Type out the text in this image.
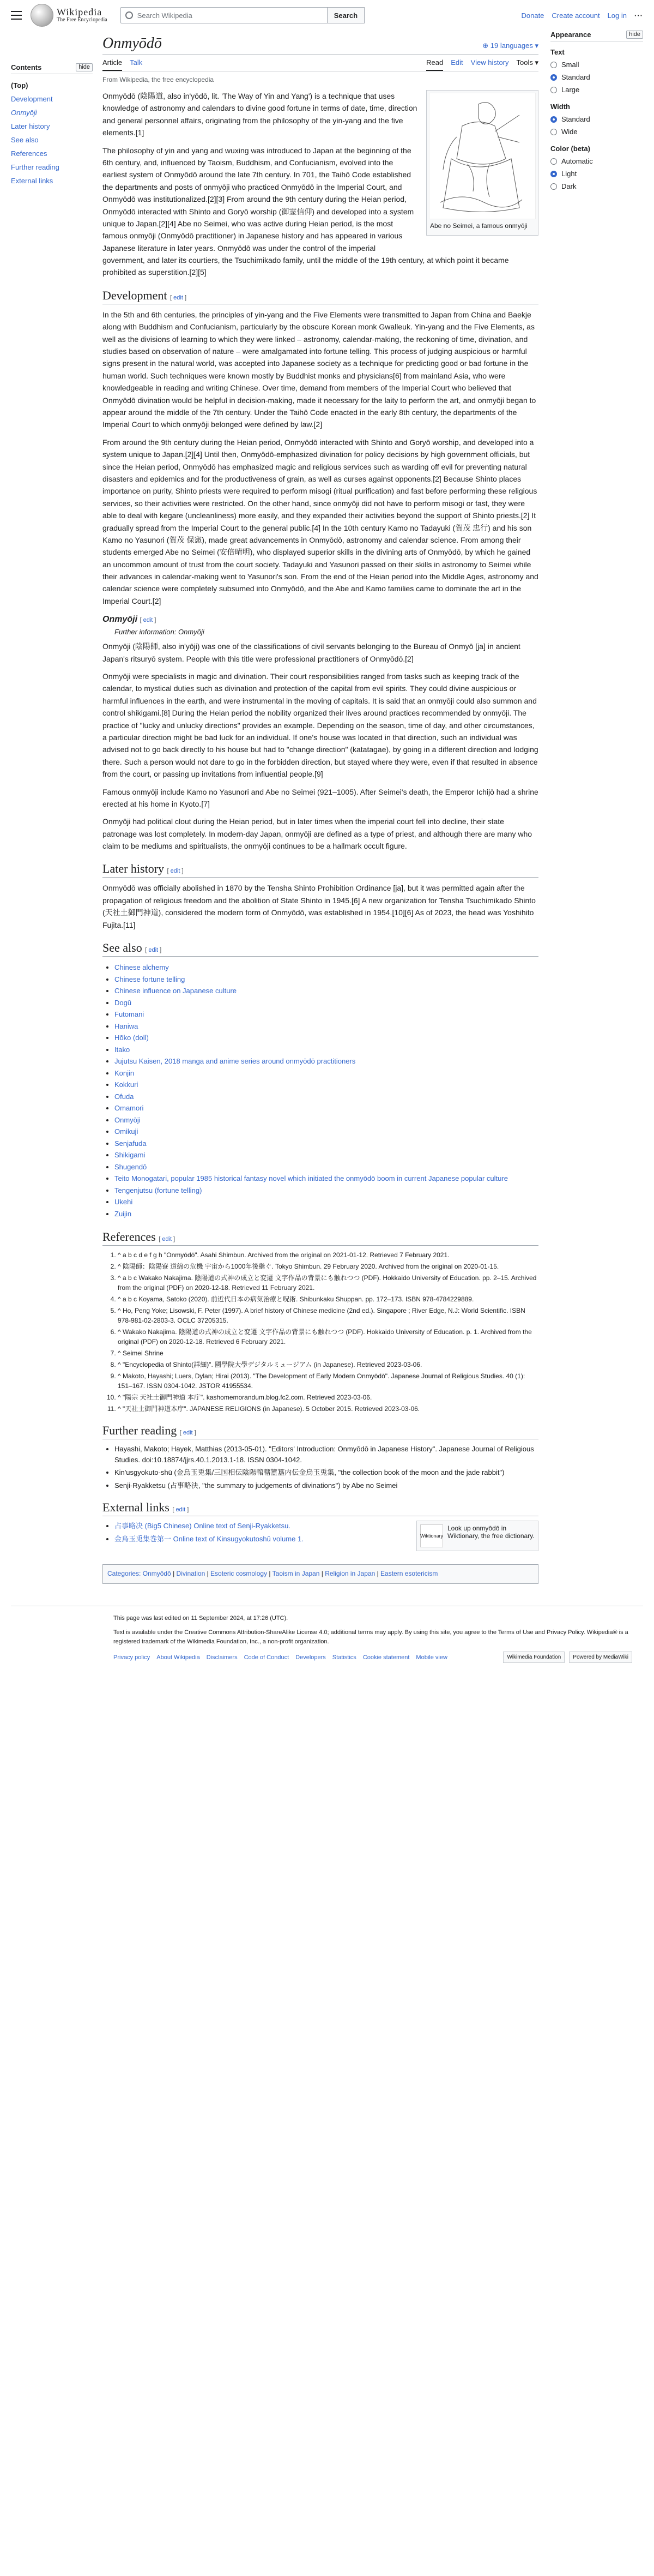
Wikipedia
The Free Encyclopedia
Search Wikipedia	Search	Donate Create account Log in ···
Contents	hide
(Top)
Development
Onmyōji
Later history
See also
References
Further reading
External links
Onmyōdō	⊕ 19 languages ▾
Article Talk	Read Edit View history Tools ▾
From Wikipedia, the free encyclopedia
Abe no Seimei, a famous onmyōji

Onmyōdō (陰陽道, also in'yōdō, lit. 'The Way of Yin and Yang') is a technique that uses knowledge of astronomy and calendars to divine good fortune in terms of date, time, direction and general personnel affairs, originating from the philosophy of the yin-yang and the five elements.[1]

The philosophy of yin and yang and wuxing was introduced to Japan at the beginning of the 6th century, and, influenced by Taoism, Buddhism, and Confucianism, evolved into the earliest system of Onmyōdō around the late 7th century. In 701, the Taihō Code established the departments and posts of onmyōji who practiced Onmyōdō in the Imperial Court, and Onmyōdō was institutionalized.[2][3] From around the 9th century during the Heian period, Onmyōdō interacted with Shinto and Goryō worship (御霊信仰) and developed into a system unique to Japan.[2][4] Abe no Seimei, who was active during Heian period, is the most famous onmyōji (Onmyōdō practitioner) in Japanese history and has appeared in various Japanese literature in later years. Onmyōdō was under the control of the imperial government, and later its courtiers, the Tsuchimikado family, until the middle of the 19th century, at which point it became prohibited as superstition.[2][5]

Development [ edit ]

In the 5th and 6th centuries, the principles of yin-yang and the Five Elements were transmitted to Japan from China and Baekje along with Buddhism and Confucianism, particularly by the obscure Korean monk Gwalleuk. Yin-yang and the Five Elements, as well as the divisions of learning to which they were linked – astronomy, calendar-making, the reckoning of time, divination, and studies based on observation of nature – were amalgamated into fortune telling. This process of judging auspicious or harmful signs present in the natural world, was accepted into Japanese society as a technique for predicting good or bad fortune in the human world. Such techniques were known mostly by Buddhist monks and physicians[6] from mainland Asia, who were knowledgeable in reading and writing Chinese. Over time, demand from members of the Imperial Court who believed that Onmyōdō divination would be helpful in decision-making, made it necessary for the laity to perform the art, and onmyōji began to appear around the middle of the 7th century. Under the Taihō Code enacted in the early 8th century, the departments of the Imperial Court to which onmyōji belonged were defined by law.[2]

From around the 9th century during the Heian period, Onmyōdō interacted with Shinto and Goryō worship, and developed into a system unique to Japan.[2][4] Until then, Onmyōdō-emphasized divination for policy decisions by high government officials, but since the Heian period, Onmyōdō has emphasized magic and religious services such as warding off evil for preventing natural disasters and epidemics and for the productiveness of grain, as well as curses against opponents.[2] Because Shinto places importance on purity, Shinto priests were required to perform misogi (ritual purification) and fast before performing these religious services, so their activities were restricted. On the other hand, since onmyōji did not have to perform misogi or fast, they were able to deal with kegare (uncleanliness) more easily, and they expanded their activities beyond the support of Shinto priests.[2] It gradually spread from the Imperial Court to the general public.[4] In the 10th century Kamo no Tadayuki (賀茂 忠行) and his son Kamo no Yasunori (賀茂 保憲), made great advancements in Onmyōdō, astronomy and calendar science. From among their students emerged Abe no Seimei (安倍晴明), who displayed superior skills in the divining arts of Onmyōdō, by which he gained an uncommon amount of trust from the court society. Tadayuki and Yasunori passed on their skills in astronomy to Seimei while their advances in calendar-making went to Yasunori's son. From the end of the Heian period into the Middle Ages, astronomy and calendar science were completely subsumed into Onmyōdō, and the Abe and Kamo families came to dominate the art in the Imperial Court.[2]

Onmyōji [ edit ]
Further information: Onmyōji

Onmyōji (陰陽師, also in'yōji) was one of the classifications of civil servants belonging to the Bureau of Onmyō [ja] in ancient Japan's ritsuryō system. People with this title were professional practitioners of Onmyōdō.[2]

Onmyōji were specialists in magic and divination. Their court responsibilities ranged from tasks such as keeping track of the calendar, to mystical duties such as divination and protection of the capital from evil spirits. They could divine auspicious or harmful influences in the earth, and were instrumental in the moving of capitals. It is said that an onmyōji could also summon and control shikigami.[8] During the Heian period the nobility organized their lives around practices recommended by onmyōji. The practice of "lucky and unlucky directions" provides an example. Depending on the season, time of day, and other circumstances, a particular direction might be bad luck for an individual. If one's house was located in that direction, such an individual was advised not to go back directly to his house but had to "change direction" (katatagae), by going in a different direction and lodging there. Such a person would not dare to go in the forbidden direction, but stayed where they were, even if that resulted in absence from the court, or passing up invitations from influential people.[9]

Famous onmyōji include Kamo no Yasunori and Abe no Seimei (921–1005). After Seimei's death, the Emperor Ichijō had a shrine erected at his home in Kyoto.[7]

Onmyōji had political clout during the Heian period, but in later times when the imperial court fell into decline, their state patronage was lost completely. In modern-day Japan, onmyōji are defined as a type of priest, and although there are many who claim to be mediums and spiritualists, the onmyōji continues to be a hallmark occult figure.

Later history [ edit ]

Onmyōdō was officially abolished in 1870 by the Tensha Shinto Prohibition Ordinance [ja], but it was permitted again after the propagation of religious freedom and the abolition of State Shinto in 1945.[6] A new organization for Tensha Tsuchimikado Shinto (天社土御門神道), considered the modern form of Onmyōdō, was established in 1954.[10][6] As of 2023, the head was Yoshihito Fujita.[11]

See also [ edit ]
• Chinese alchemy
• Chinese fortune telling
• Chinese influence on Japanese culture
• Dogū
• Futomani
• Haniwa
• Hōko (doll)
• Itako
• Jujutsu Kaisen, 2018 manga and anime series around onmyōdō practitioners
• Konjin
• Kokkuri
• Ofuda
• Omamori
• Onmyōji
• Omikuji
• Senjafuda
• Shikigami
• Shugendō
• Teito Monogatari, popular 1985 historical fantasy novel which initiated the onmyōdō boom in current Japanese popular culture
• Tengenjutsu (fortune telling)
• Ukehi
• Zuijin
References [ edit ]
1. ^ a b c d e f g h "Onmyōdō". Asahi Shimbun. Archived from the original on 2021-01-12. Retrieved 7 February 2021.
2. ^ 陰陽師：陰陽寮 道綿の危機 宇宙から1000年後継ぐ. Tokyo Shimbun. 29 February 2020. Archived from the original on 2020-01-15.
3. ^ a b c Wakako Nakajima. 陰陽道の式神の成立と変遷 文字作品の背景にも触れつつ (PDF). Hokkaido University of Education. pp. 2–15. Archived from the original (PDF) on 2020-12-18. Retrieved 11 February 2021.
4. ^ a b c Koyama, Satoko (2020). 前近代日本の病気治療と呪術. Shibunkaku Shuppan. pp. 172–173. ISBN 978-4784229889.
5. ^ Ho, Peng Yoke; Lisowski, F. Peter (1997). A brief history of Chinese medicine (2nd ed.). Singapore ; River Edge, N.J: World Scientific. ISBN 978-981-02-2803-3. OCLC 37205315.
6. ^ Wakako Nakajima. 陰陽道の式神の成立と変遷 文字作品の背景にも触れつつ (PDF). Hokkaido University of Education. p. 1. Archived from the original (PDF) on 2020-12-18. Retrieved 6 February 2021.
7. ^ Seimei Shrine
8. ^ "Encyclopedia of Shinto(詳細)". 國學院大學デジタルミュージアム (in Japanese). Retrieved 2023-03-06.
9. ^ Makoto, Hayashi; Luers, Dylan; Hirai (2013). "The Development of Early Modern Onmyōdō". Japanese Journal of Religious Studies. 40 (1): 151–167. ISSN 0304-1042. JSTOR 41955534.
10. ^ "陽宗 天社土御門神道 本庁". kashomemorandum.blog.fc2.com. Retrieved 2023-03-06.
11. ^ "天社土御門神道本庁". JAPANESE RELIGIONS (in Japanese). 5 October 2015. Retrieved 2023-03-06.
Further reading [ edit ]
• Hayashi, Makoto; Hayek, Matthias (2013-05-01). "Editors' Introduction: Onmyōdō in Japanese History". Japanese Journal of Religious Studies. doi:10.18874/jjrs.40.1.2013.1-18. ISSN 0304-1042.
• Kin'usgyokuto-shū (金烏玉兎集/三国相伝陰陽輨轄簠簋内伝金烏玉兎集, "the collection book of the moon and the jade rabbit")
• Senji-Ryakketsu (占事略決, "the summary to judgements of divinations") by Abe no Seimei
External links [ edit ]
Wiktionary
Look up onmyōdō in Wiktionary, the free dictionary.
• 占事略决 (Big5 Chinese) Online text of Senji-Ryakketsu.
• 金烏玉兎集巻第一 Online text of Kinsugyokutoshū volume 1.
Categories: Onmyōdō | Divination | Esoteric cosmology | Taoism in Japan | Religion in Japan | Eastern esotericism
Appearance	hide
Text
Small
Standard
Large
Width
Standard
Wide
Color (beta)
Automatic
Light
Dark

This page was last edited on 11 September 2024, at 17:26 (UTC).

Text is available under the Creative Commons Attribution-ShareAlike License 4.0; additional terms may apply. By using this site, you agree to the Terms of Use and Privacy Policy. Wikipedia® is a registered trademark of the Wikimedia Foundation, Inc., a non-profit organization.

Privacy policy About Wikipedia Disclaimers Code of Conduct Developers Statistics Cookie statement Mobile view	Wikimedia Foundation	Powered by MediaWiki
